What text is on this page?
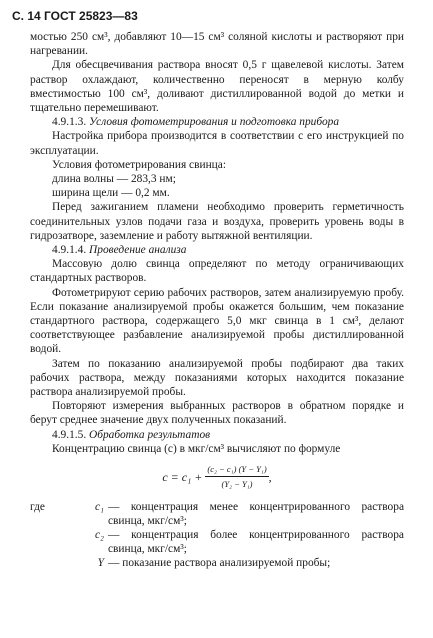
С. 14 ГОСТ 25823—83

мостью 250 см³, добавляют 10—15 см³ соляной кислоты и растворяют при нагревании.

Для обесцвечивания раствора вносят 0,5 г щавелевой кислоты. Затем раствор охлаждают, количественно переносят в мерную колбу вместимостью 100 см³, доливают дистиллированной водой до метки и тщательно перемешивают.

4.9.1.3. Условия фотометрирования и подготовка прибора

Настройка прибора производится в соответствии с его инструкцией по эксплуатации.

Условия фотометрирования свинца:

длина волны — 283,3 нм;

ширина щели — 0,2 мм.

Перед зажиганием пламени необходимо проверить герметичность соединительных узлов подачи газа и воздуха, проверить уровень воды в гидрозатворе, заземление и работу вытяжной вентиляции.

4.9.1.4. Проведение анализа

Массовую долю свинца определяют по методу ограничивающих стандартных растворов.

Фотометрируют серию рабочих растворов, затем анализируемую пробу. Если показание анализируемой пробы окажется большим, чем показание стандартного раствора, содержащего 5,0 мкг свинца в 1 см³, делают соответствующее разбавление анализируемой пробы дистиллированной водой.

Затем по показанию анализируемой пробы подбирают два таких рабочих раствора, между показаниями которых находится показание раствора анализируемой пробы.

Повторяют измерения выбранных растворов в обратном порядке и берут среднее значение двух полученных показаний.

4.9.1.5. Обработка результатов

Концентрацию свинца (c) в мкг/см³ вычисляют по формуле

$c = c_1 + \frac{\text{(c₂ − c₁) (Y − Y₁)}}{\text{(Y₂ − Y₁)}}$ ,
где	c₁ — концентрация менее концентрированного раствора свинца, мкг/см³;
c₂ — концентрация более концентрированного раствора свинца, мкг/см³;
Y — показание раствора анализируемой пробы;
